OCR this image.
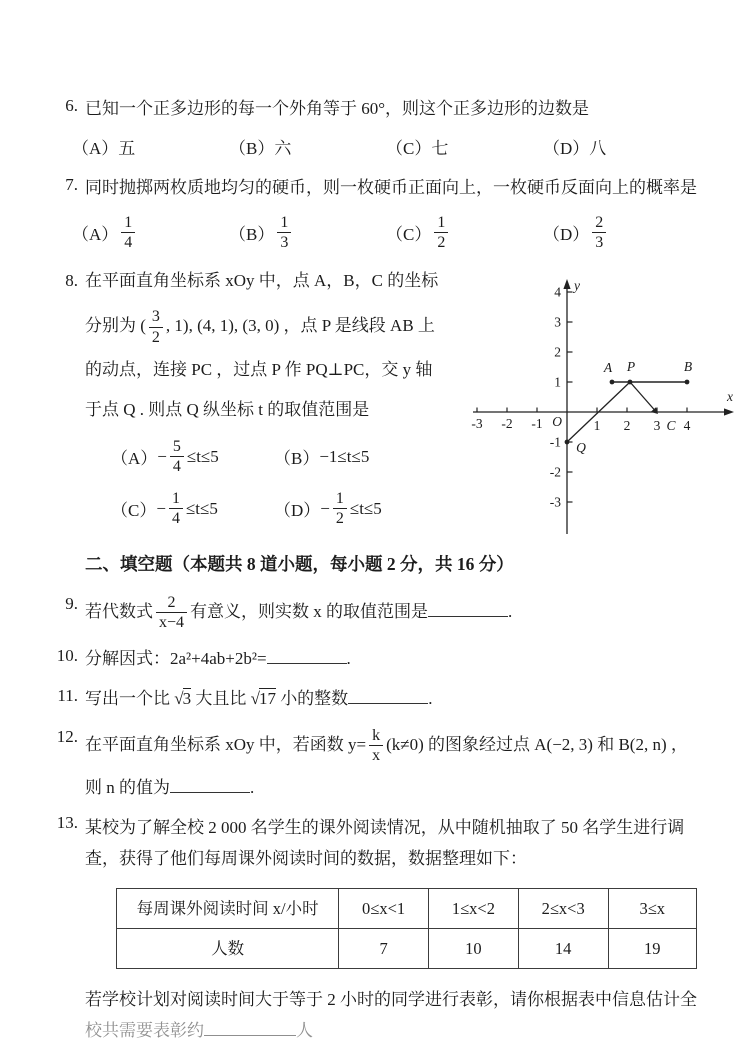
6. 已知一个正多边形的每一个外角等于 60°，则这个正多边形的边数是
（A） 五	（B） 六	（C） 七	（D） 八
7. 同时抛掷两枚质地均匀的硬币，则一枚硬币正面向上，一枚硬币反面向上的概率是
$(A) \frac{1}{4}$	$(B) \frac{1}{3}$	$(C) \frac{1}{2}$	$(D) \frac{2}{3}$
8. 在平面直角坐标系 xOy 中，点 A，B，C 的坐标
分别为 ( $\frac{3}{2}$ , 1), (4, 1), (3, 0) ，点 P 是线段 AB 上
的动点，连接 PC ，过点 P 作 PQ⊥PC，交 y 轴
于点 Q . 则点 Q 纵坐标 t 的取值范围是
$(A) - \frac{5}{4} \le t\le 5$	（B） −1≤t≤5
$(C) - \frac{1}{4} \le t\le 5$	$(D) - \frac{1}{2} \le t\le 5$
-3 -2 -1	1 2 3 4
4
3
2
1
-1
-2
-3
x
y
O
A P	B
C
Q
二、填空题（本题共 8 道小题，每小题 2 分，共 16 分）
9. 若代数式 $\frac{2}{x-4}$ 有意义，则实数 x 的取值范围是	.
10. 分解因式：2a²+4ab+2b²=	.
11. 写出一个比 √3 大且比 √17 小的整数	.
12. 在平面直角坐标系 xOy 中，若函数 $y= \frac{k}{x} (k\ne 0)$ 的图象经过点 A(−2, 3) 和 B(2, n) ，
则 n 的值为	.
13. 某校为了解全校 2 000 名学生的课外阅读情况，从中随机抽取了 50 名学生进行调
查，获得了他们每周课外阅读时间的数据，数据整理如下：
每周课外阅读时间 x/小时	0≤x<1	1≤x<2	2≤x<3	3≤x
人数	7	10	14	19
若学校计划对阅读时间大于等于 2 小时的同学进行表彰，请你根据表中信息估计全
校共需要表彰约	人
